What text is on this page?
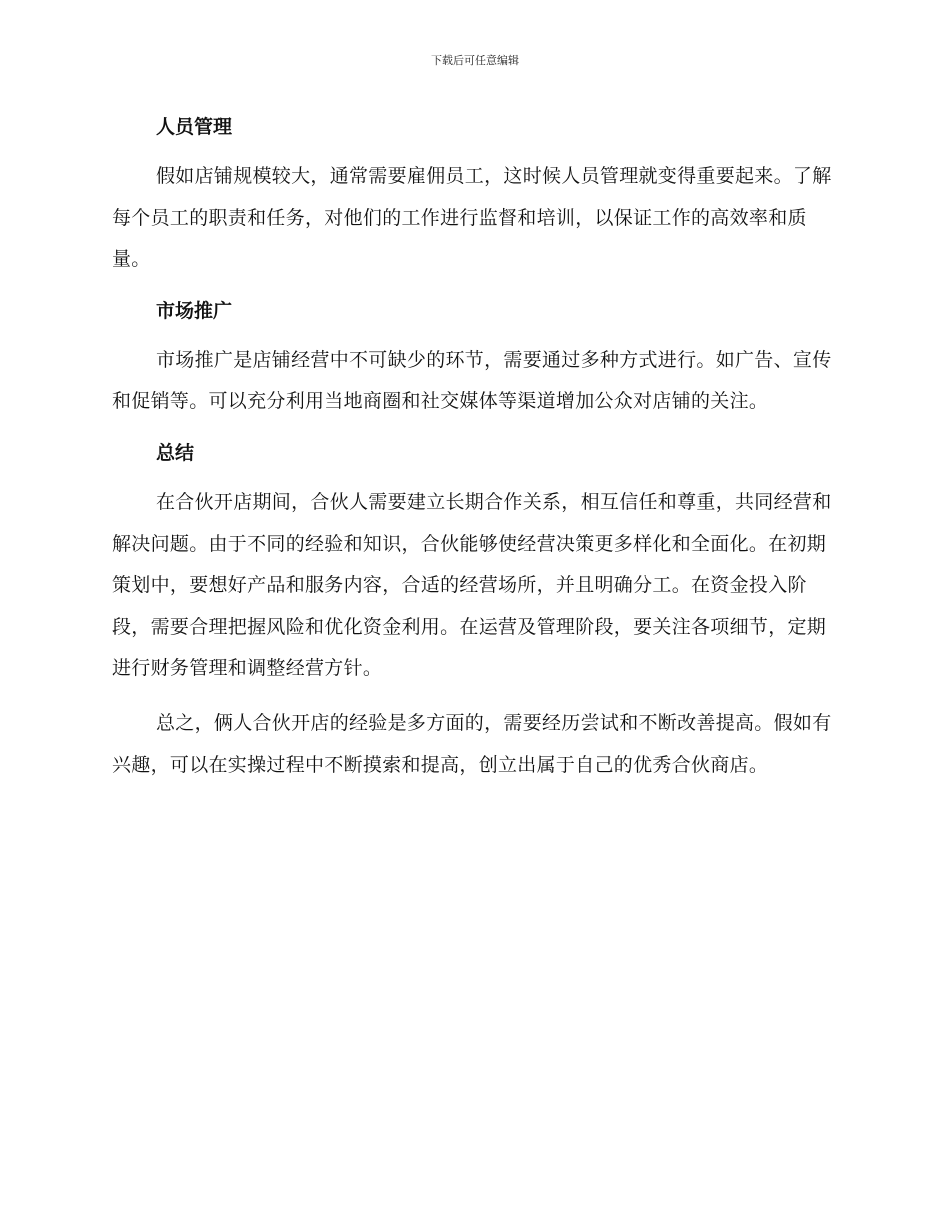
下载后可任意编辑
人员管理

假如店铺规模较大，通常需要雇佣员工，这时候人员管理就变得重要起来。了解每个员工的职责和任务，对他们的工作进行监督和培训，以保证工作的高效率和质量。

市场推广

市场推广是店铺经营中不可缺少的环节，需要通过多种方式进行。如广告、宣传和促销等。可以充分利用当地商圈和社交媒体等渠道增加公众对店铺的关注。

总结

在合伙开店期间，合伙人需要建立长期合作关系，相互信任和尊重，共同经营和解决问题。由于不同的经验和知识，合伙能够使经营决策更多样化和全面化。在初期策划中，要想好产品和服务内容，合适的经营场所，并且明确分工。在资金投入阶段，需要合理把握风险和优化资金利用。在运营及管理阶段，要关注各项细节，定期进行财务管理和调整经营方针。

总之，俩人合伙开店的经验是多方面的，需要经历尝试和不断改善提高。假如有兴趣，可以在实操过程中不断摸索和提高，创立出属于自己的优秀合伙商店。
